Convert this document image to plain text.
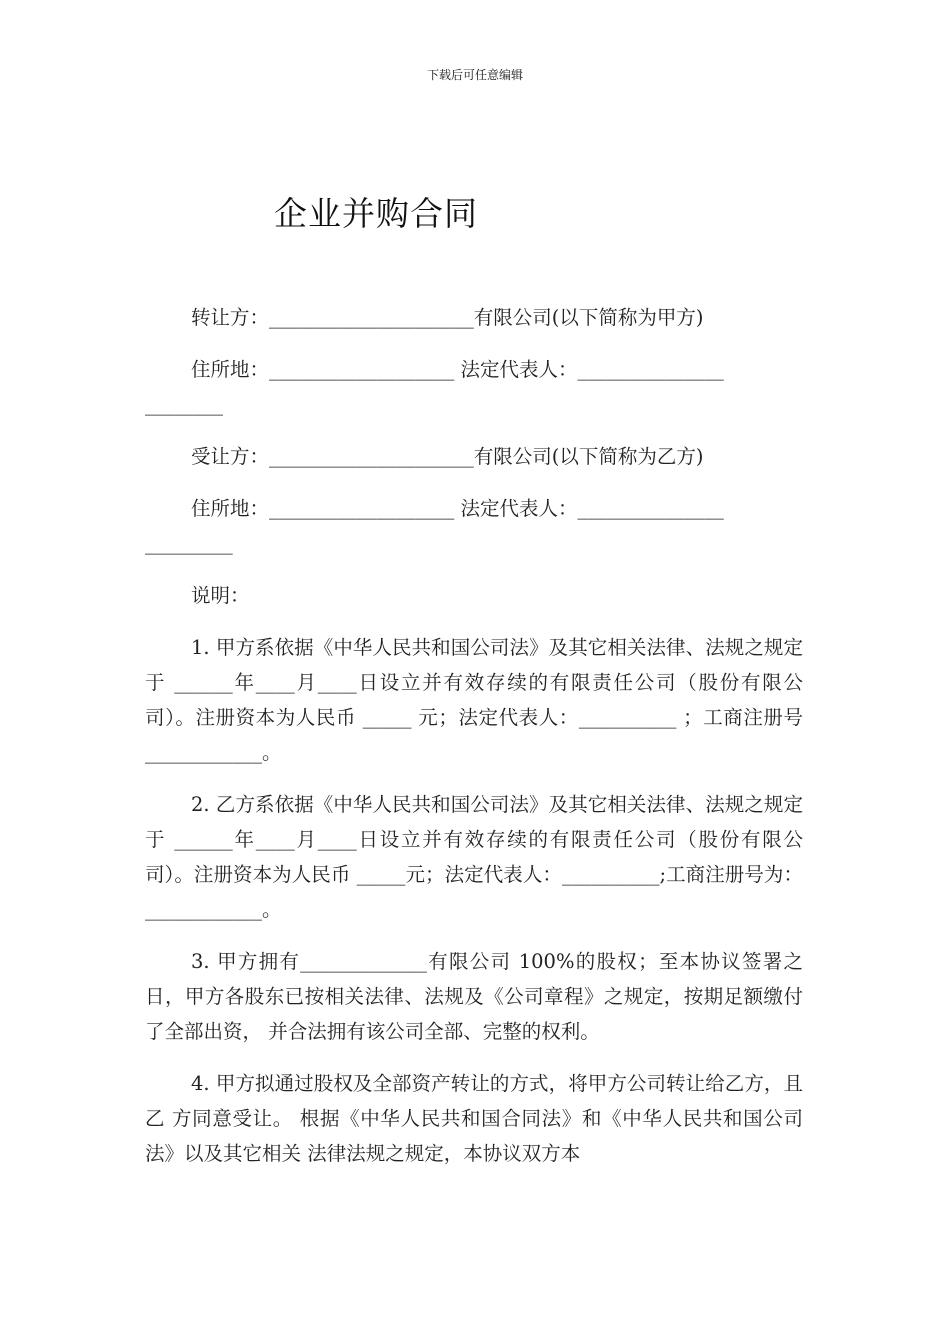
下载后可任意编辑
企业并购合同
转让方：_____________________有限公司(以下简称为甲方)
住所地：___________________ 法定代表人：_______________
________
受让方：_____________________有限公司(以下简称为乙方)
住所地：___________________ 法定代表人：_______________
_________
说明：
1. 甲方系依据《中华人民共和国公司法》及其它相关法律、法规之规定于 ______年____月____日设立并有效存续的有限责任公司（股份有限公司）。注册资本为人民币 _____ 元；法定代表人：__________ ；工商注册号____________。
2. 乙方系依据《中华人民共和国公司法》及其它相关法律、法规之规定于 ______年____月____日设立并有效存续的有限责任公司（股份有限公司）。注册资本为人民币 _____元；法定代表人：__________;工商注册号为：____________。
3. 甲方拥有_____________有限公司 100%的股权；至本协议签署之日，甲方各股东已按相关法律、法规及《公司章程》之规定，按期足额缴付了全部出资， 并合法拥有该公司全部、完整的权利。
4. 甲方拟通过股权及全部资产转让的方式，将甲方公司转让给乙方，且乙 方同意受让。 根据《中华人民共和国合同法》和《中华人民共和国公司法》以及其它相关 法律法规之规定，本协议双方本
